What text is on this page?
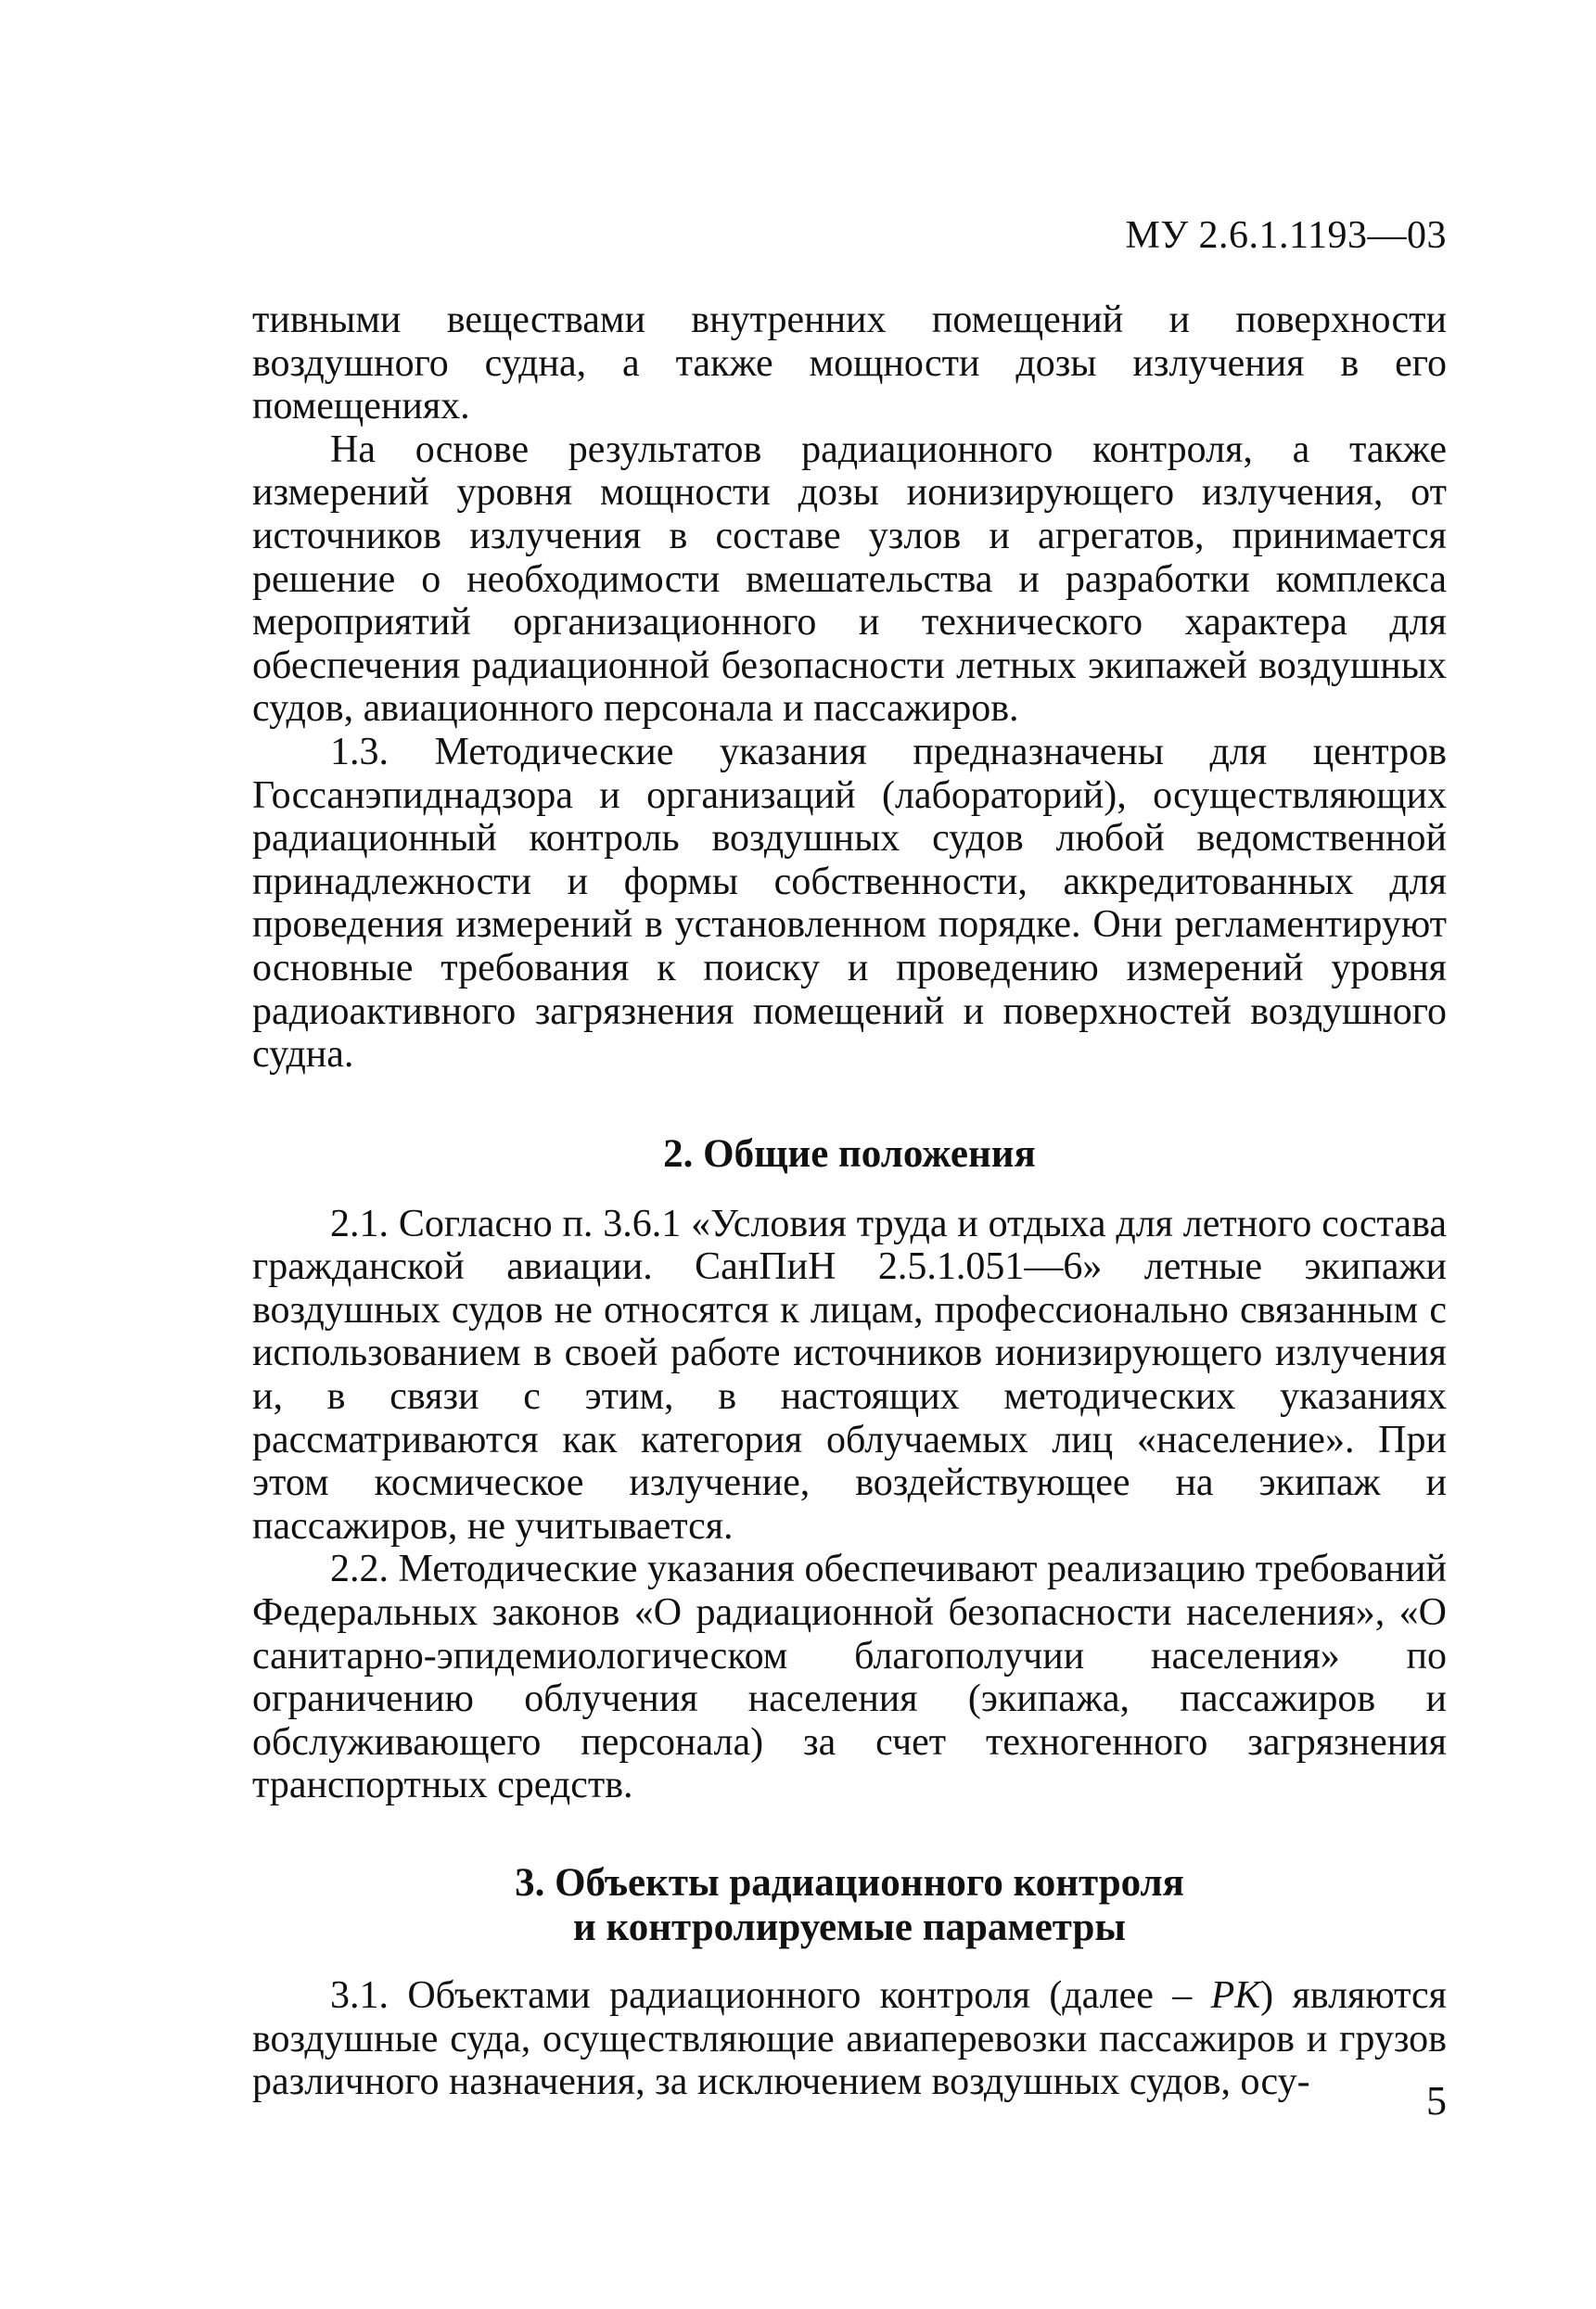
МУ 2.6.1.1193—03

тивными веществами внутренних помещений и поверхности воздушного судна, а также мощности дозы излучения в его помещениях.

На основе результатов радиационного контроля, а также измерений уровня мощности дозы ионизирующего излучения, от источников излучения в составе узлов и агрегатов, принимается решение о необходимости вмешательства и разработки комплекса мероприятий организационного и технического характера для обеспечения радиационной безопасности летных экипажей воздушных судов, авиационного персонала и пассажиров.

1.3. Методические указания предназначены для центров Госсанэпиднадзора и организаций (лабораторий), осуществляющих радиационный контроль воздушных судов любой ведомственной принадлежности и формы собственности, аккредитованных для проведения измерений в установленном порядке. Они регламентируют основные требования к поиску и проведению измерений уровня радиоактивного загрязнения помещений и поверхностей воздушного судна.

2. Общие положения

2.1. Согласно п. 3.6.1 «Условия труда и отдыха для летного состава гражданской авиации. СанПиН 2.5.1.051—6» летные экипажи воздушных судов не относятся к лицам, профессионально связанным с использованием в своей работе источников ионизирующего излучения и, в связи с этим, в настоящих методических указаниях рассматриваются как категория облучаемых лиц «население». При этом космическое излучение, воздействующее на экипаж и пассажиров, не учитывается.

2.2. Методические указания обеспечивают реализацию требований Федеральных законов «О радиационной безопасности населения», «О санитарно-эпидемиологическом благополучии населения» по ограничению облучения населения (экипажа, пассажиров и обслуживающего персонала) за счет техногенного загрязнения транспортных средств.

3. Объекты радиационного контроля
и контролируемые параметры

3.1. Объектами радиационного контроля (далее – РК) являются воздушные суда, осуществляющие авиаперевозки пассажиров и грузов различного назначения, за исключением воздушных судов, осу-	5
